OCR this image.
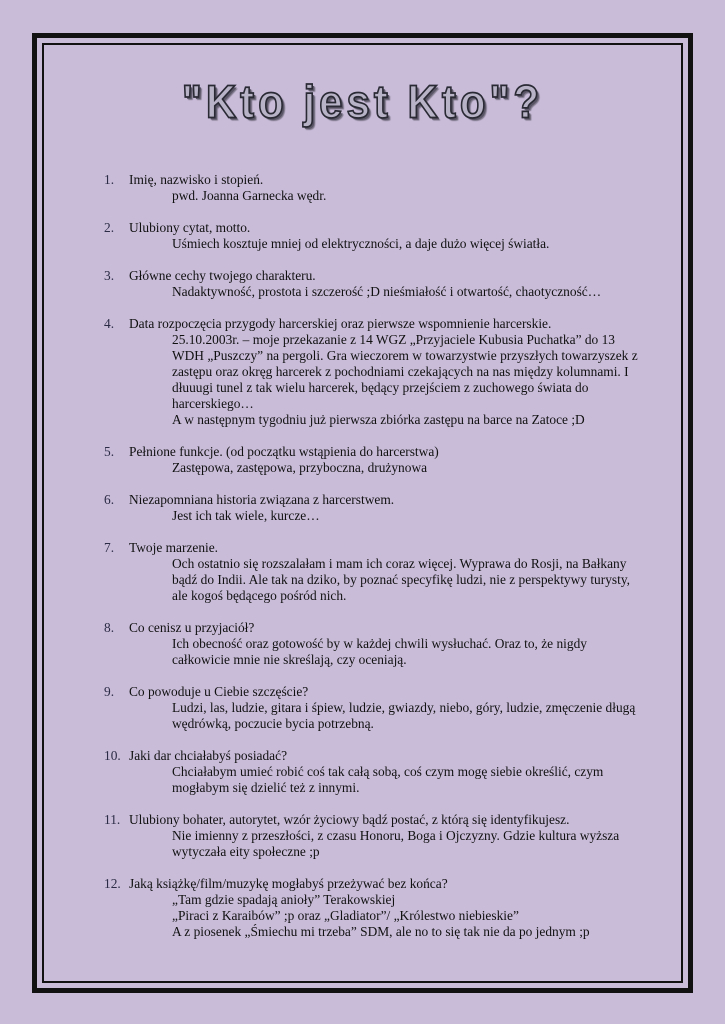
"Kto jest Kto"?
1.	Imię, nazwisko i stopień.

pwd. Joanna Garnecka wędr.

2.	Ulubiony cytat, motto.

Uśmiech kosztuje mniej od elektryczności, a daje dużo więcej światła.

3.	Główne cechy twojego charakteru.

Nadaktywność, prostota i szczerość ;D nieśmiałość i otwartość, chaotyczność…

4.	Data rozpoczęcia przygody harcerskiej oraz pierwsze wspomnienie harcerskie.

25.10.2003r. – moje przekazanie z 14 WGZ „Przyjaciele Kubusia Puchatka” do 13 WDH „Puszczy” na pergoli. Gra wieczorem w towarzystwie przyszłych towarzyszek z zastępu oraz okręg harcerek z pochodniami czekających na nas między kolumnami. I dłuuugi tunel z tak wielu harcerek, będący przejściem z zuchowego świata do harcerskiego…

A w następnym tygodniu już pierwsza zbiórka zastępu na barce na Zatoce ;D

5.	Pełnione funkcje. (od początku wstąpienia do harcerstwa)

Zastępowa, zastępowa, przyboczna, drużynowa

6.	Niezapomniana historia związana z harcerstwem.

Jest ich tak wiele, kurcze…

7.	Twoje marzenie.

Och ostatnio się rozszalałam i mam ich coraz więcej. Wyprawa do Rosji, na Bałkany bądź do Indii. Ale tak na dziko, by poznać specyfikę ludzi, nie z perspektywy turysty, ale kogoś będącego pośród nich.

8.	Co cenisz u przyjaciół?

Ich obecność oraz gotowość by w każdej chwili wysłuchać. Oraz to, że nigdy całkowicie mnie nie skreślają, czy oceniają.

9.	Co powoduje u Ciebie szczęście?

Ludzi, las, ludzie, gitara i śpiew, ludzie, gwiazdy, niebo, góry, ludzie, zmęczenie długą wędrówką, poczucie bycia potrzebną.

10. Jaki dar chciałabyś posiadać?

Chciałabym umieć robić coś tak całą sobą, coś czym mogę siebie określić, czym mogłabym się dzielić też z innymi.

11. Ulubiony bohater, autorytet, wzór życiowy bądź postać, z którą się identyfikujesz.

Nie imienny z przeszłości, z czasu Honoru, Boga i Ojczyzny. Gdzie kultura wyższa wytyczała eity społeczne ;p

12. Jaką książkę/film/muzykę mogłabyś przeżywać bez końca?

„Tam gdzie spadają anioły” Terakowskiej

„Piraci z Karaibów” ;p oraz „Gladiator”/ „Królestwo niebieskie”

A z piosenek „Śmiechu mi trzeba” SDM, ale no to się tak nie da po jednym ;p
